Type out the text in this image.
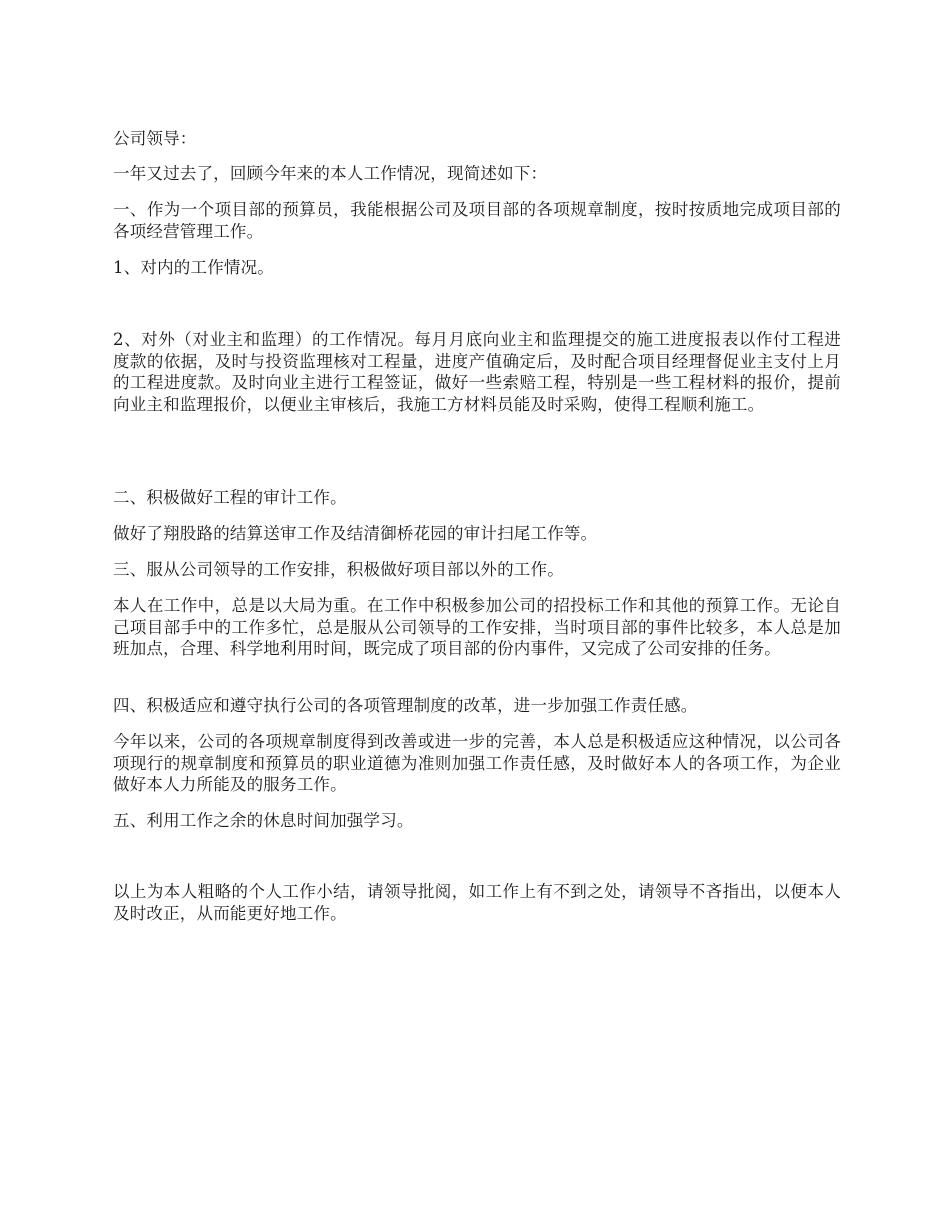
公司领导：

一年又过去了，回顾今年来的本人工作情况，现简述如下：

一、作为一个项目部的预算员，我能根据公司及项目部的各项规章制度，按时按质地完成项目部的各项经营管理工作。

1、对内的工作情况。

2、对外（对业主和监理）的工作情况。每月月底向业主和监理提交的施工进度报表以作付工程进度款的依据，及时与投资监理核对工程量，进度产值确定后，及时配合项目经理督促业主支付上月的工程进度款。及时向业主进行工程签证，做好一些索赔工程，特别是一些工程材料的报价，提前向业主和监理报价，以便业主审核后，我施工方材料员能及时采购，使得工程顺利施工。

二、积极做好工程的审计工作。

做好了翔股路的结算送审工作及结清御桥花园的审计扫尾工作等。

三、服从公司领导的工作安排，积极做好项目部以外的工作。

本人在工作中，总是以大局为重。在工作中积极参加公司的招投标工作和其他的预算工作。无论自己项目部手中的工作多忙，总是服从公司领导的工作安排，当时项目部的事件比较多，本人总是加班加点，合理、科学地利用时间，既完成了项目部的份内事件，又完成了公司安排的任务。

四、积极适应和遵守执行公司的各项管理制度的改革，进一步加强工作责任感。

今年以来，公司的各项规章制度得到改善或进一步的完善，本人总是积极适应这种情况，以公司各项现行的规章制度和预算员的职业道德为准则加强工作责任感，及时做好本人的各项工作，为企业做好本人力所能及的服务工作。

五、利用工作之余的休息时间加强学习。

以上为本人粗略的个人工作小结，请领导批阅，如工作上有不到之处，请领导不吝指出，以便本人及时改正，从而能更好地工作。
